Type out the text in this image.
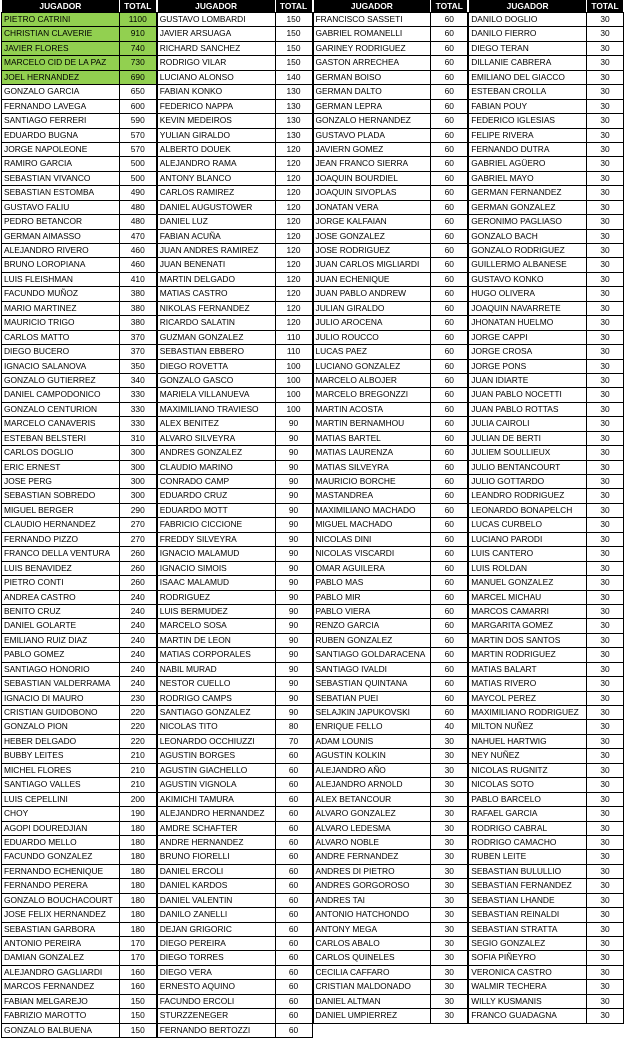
JUGADOR	TOTAL
PIETRO CATRINI	1100
CHRISTIAN CLAVERIE	910
JAVIER FLORES	740
MARCELO CID DE LA PAZ	730
JOEL HERNANDEZ	690
GONZALO GARCIA	650
FERNANDO LAVEGA	600
SANTIAGO FERRERI	590
EDUARDO BUGNA	570
JORGE NAPOLEONE	570
RAMIRO GARCIA	500
SEBASTIAN VIVANCO	500
SEBASTIAN ESTOMBA	490
GUSTAVO FALIU	480
PEDRO BETANCOR	480
GERMAN AIMASSO	470
ALEJANDRO RIVERO	460
BRUNO LOROPIANA	460
LUIS FLEISHMAN	410
FACUNDO MUÑOZ	380
MARIO MARTINEZ	380
MAURICIO TRIGO	380
CARLOS MATTO	370
DIEGO BUCERO	370
IGNACIO SALANOVA	350
GONZALO GUTIERREZ	340
DANIEL CAMPODONICO	330
GONZALO CENTURION	330
MARCELO CANAVERIS	330
ESTEBAN BELSTERI	310
CARLOS DOGLIO	300
ERIC ERNEST	300
JOSE PERG	300
SEBASTIAN SOBREDO	300
MIGUEL BERGER	290
CLAUDIO HERNANDEZ	270
FERNANDO PIZZO	270
FRANCO DELLA VENTURA	260
LUIS BENAVIDEZ	260
PIETRO CONTI	260
ANDREA CASTRO	240
BENITO CRUZ	240
DANIEL GOLARTE	240
EMILIANO RUIZ DIAZ	240
PABLO GOMEZ	240
SANTIAGO HONORIO	240
SEBASTIAN VALDERRAMA	240
IGNACIO DI MAURO	230
CRISTIAN GUIDOBONO	220
GONZALO PION	220
HEBER DELGADO	220
BUBBY LEITES	210
MICHEL FLORES	210
SANTIAGO VALLES	210
LUIS CEPELLINI	200
CHOY	190
AGOPI DOUREDJIAN	180
EDUARDO MELLO	180
FACUNDO GONZALEZ	180
FERNANDO ECHENIQUE	180
FERNANDO PERERA	180
GONZALO BOUCHACOURT	180
JOSE FELIX HERNANDEZ	180
SEBASTIAN GARBORA	180
ANTONIO PEREIRA	170
DAMIAN GONZALEZ	170
ALEJANDRO GAGLIARDI	160
MARCOS FERNANDEZ	160
FABIAN MELGAREJO	150
FABRIZIO MAROTTO	150
GONZALO BALBUENA	150
JUGADOR	TOTAL
GUSTAVO LOMBARDI	150
JAVIER ARSUAGA	150
RICHARD SANCHEZ	150
RODRIGO VILAR	150
LUCIANO ALONSO	140
FABIAN KONKO	130
FEDERICO NAPPA	130
KEVIN MEDEIROS	130
YULIAN GIRALDO	130
ALBERTO DOUEK	120
ALEJANDRO RAMA	120
ANTONY BLANCO	120
CARLOS RAMIREZ	120
DANIEL AUGUSTOWER	120
DANIEL LUZ	120
FABIAN ACUÑA	120
JUAN ANDRES RAMIREZ	120
JUAN BENENATI	120
MARTIN DELGADO	120
MATIAS CASTRO	120
NIKOLAS FERNANDEZ	120
RICARDO SALATIN	120
GUZMAN GONZALEZ	110
SEBASTIAN EBBERO	110
DIEGO ROVETTA	100
GONZALO GASCO	100
MARIELA VILLANUEVA	100
MAXIMILIANO TRAVIESO	100
ALEX BENITEZ	90
ALVARO SILVEYRA	90
ANDRES GONZALEZ	90
CLAUDIO MARINO	90
CONRADO CAMP	90
EDUARDO CRUZ	90
EDUARDO MOTT	90
FABRICIO CICCIONE	90
FREDDY SILVEYRA	90
IGNACIO MALAMUD	90
IGNACIO SIMOIS	90
ISAAC MALAMUD	90
RODRIGUEZ	90
LUIS BERMUDEZ	90
MARCELO SOSA	90
MARTIN DE LEON	90
MATIAS CORPORALES	90
NABIL MURAD	90
NESTOR CUELLO	90
RODRIGO CAMPS	90
SANTIAGO GONZALEZ	90
NICOLAS TITO	80
LEONARDO OCCHIUZZI	70
AGUSTIN BORGES	60
AGUSTIN GIACHELLO	60
AGUSTIN VIGNOLA	60
AKIMICHI TAMURA	60
ALEJANDRO HERNANDEZ	60
AMDRE SCHAFTER	60
ANDRE HERNANDEZ	60
BRUNO FIORELLI	60
DANIEL ERCOLI	60
DANIEL KARDOS	60
DANIEL VALENTIN	60
DANILO ZANELLI	60
DEJAN GRIGORIC	60
DIEGO PEREIRA	60
DIEGO TORRES	60
DIEGO VERA	60
ERNESTO AQUINO	60
FACUNDO ERCOLI	60
STURZZENEGER	60
FERNANDO BERTOZZI	60
JUGADOR	TOTAL
FRANCISCO SASSETI	60
GABRIEL ROMANELLI	60
GARINEY RODRIGUEZ	60
GASTON ARRECHEA	60
GERMAN BOISO	60
GERMAN DALTO	60
GERMAN LEPRA	60
GONZALO HERNANDEZ	60
GUSTAVO PLADA	60
JAVIERN GOMEZ	60
JEAN FRANCO SIERRA	60
JOAQUIN BOURDIEL	60
JOAQUIN SIVOPLAS	60
JONATAN VERA	60
JORGE KALFAIAN	60
JOSE GONZALEZ	60
JOSE RODRIGUEZ	60
JUAN CARLOS MIGLIARDI	60
JUAN ECHENIQUE	60
JUAN PABLO ANDREW	60
JULIAN GIRALDO	60
JULIO AROCENA	60
JULIO ROUCCO	60
LUCAS PAEZ	60
LUCIANO GONZALEZ	60
MARCELO ALBOJER	60
MARCELO BREGONZZI	60
MARTIN ACOSTA	60
MARTIN BERNAMHOU	60
MATIAS BARTEL	60
MATIAS LAURENZA	60
MATIAS SILVEYRA	60
MAURICIO BORCHE	60
MASTANDREA	60
MAXIMILIANO MACHADO	60
MIGUEL MACHADO	60
NICOLAS DINI	60
NICOLAS VISCARDI	60
OMAR AGUILERA	60
PABLO MAS	60
PABLO MIR	60
PABLO VIERA	60
RENZO GARCIA	60
RUBEN GONZALEZ	60
SANTIAGO GOLDARACENA	60
SANTIAGO IVALDI	60
SEBASTIAN QUINTANA	60
SEBATIAN PUEI	60
SELAJKIN JAPUKOVSKI	60
ENRIQUE FELLO	40
ADAM LOUNIS	30
AGUSTIN KOLKIN	30
ALEJANDRO AÑO	30
ALEJANDRO ARNOLD	30
ALEX BETANCOUR	30
ALVARO GONZALEZ	30
ALVARO LEDESMA	30
ALVARO NOBLE	30
ANDRE FERNANDEZ	30
ANDRES DI PIETRO	30
ANDRES GORGOROSO	30
ANDRES TAI	30
ANTONIO HATCHONDO	30
ANTONY MEGA	30
CARLOS ABALO	30
CARLOS QUINELES	30
CECILIA CAFFARO	30
CRISTIAN MALDONADO	30
DANIEL ALTMAN	30
DANIEL UMPIERREZ	30
JUGADOR	TOTAL
DANILO DOGLIO	30
DANILO FIERRO	30
DIEGO TERAN	30
DILLANIE CABRERA	30
EMILIANO DEL GIACCO	30
ESTEBAN CROLLA	30
FABIAN POUY	30
FEDERICO IGLESIAS	30
FELIPE RIVERA	30
FERNANDO DUTRA	30
GABRIEL AGÜERO	30
GABRIEL MAYO	30
GERMAN FERNANDEZ	30
GERMAN GONZALEZ	30
GERONIMO PAGLIASO	30
GONZALO BACH	30
GONZALO RODRIGUEZ	30
GUILLERMO ALBANESE	30
GUSTAVO KONKO	30
HUGO OLIVERA	30
JOAQUIN NAVARRETE	30
JHONATAN HUELMO	30
JORGE CAPPI	30
JORGE CROSA	30
JORGE PONS	30
JUAN IDIARTE	30
JUAN PABLO NOCETTI	30
JUAN PABLO ROTTAS	30
JULIA CAIROLI	30
JULIAN DE BERTI	30
JULIEM SOULLIEUX	30
JULIO BENTANCOURT	30
JULIO GOTTARDO	30
LEANDRO RODRIGUEZ	30
LEONARDO BONAPELCH	30
LUCAS CURBELO	30
LUCIANO PARODI	30
LUIS CANTERO	30
LUIS ROLDAN	30
MANUEL GONZALEZ	30
MARCEL MICHAU	30
MARCOS CAMARRI	30
MARGARITA GOMEZ	30
MARTIN DOS SANTOS	30
MARTIN RODRIGUEZ	30
MATIAS BALART	30
MATIAS RIVERO	30
MAYCOL PEREZ	30
MAXIMILIANO RODRIGUEZ	30
MILTON NUÑEZ	30
NAHUEL HARTWIG	30
NEY NUÑEZ	30
NICOLAS RUGNITZ	30
NICOLAS SOTO	30
PABLO BARCELO	30
RAFAEL GARCIA	30
RODRIGO CABRAL	30
RODRIGO CAMACHO	30
RUBEN LEITE	30
SEBASTIAN BULULLIO	30
SEBASTIAN FERNANDEZ	30
SEBASTIAN LHANDE	30
SEBASTIAN REINALDI	30
SEBASTIAN STRATTA	30
SEGIO GONZALEZ	30
SOFIA PIÑEYRO	30
VERONICA CASTRO	30
WALMIR TECHERA	30
WILLY KUSMANIS	30
FRANCO GUADAGNA	30
